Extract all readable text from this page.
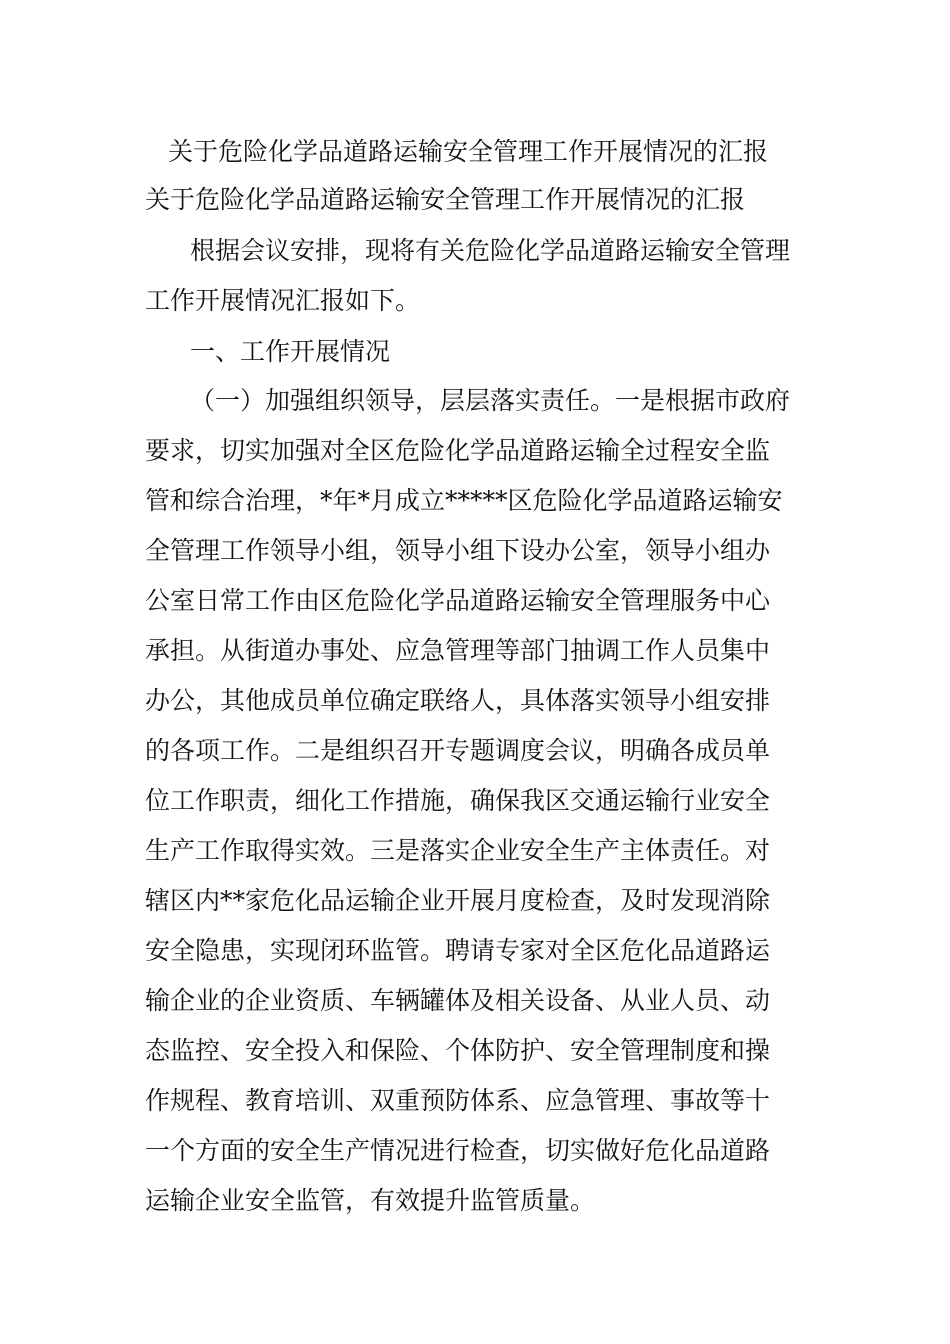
关于危险化学品道路运输安全管理工作开展情况的汇报
关于危险化学品道路运输安全管理工作开展情况的汇报
根据会议安排，现将有关危险化学品道路运输安全管理
工作开展情况汇报如下。
一、工作开展情况
（一）加强组织领导，层层落实责任。一是根据市政府
要求，切实加强对全区危险化学品道路运输全过程安全监
管和综合治理，*年*月成立*****区危险化学品道路运输安
全管理工作领导小组，领导小组下设办公室，领导小组办
公室日常工作由区危险化学品道路运输安全管理服务中心
承担。从街道办事处、应急管理等部门抽调工作人员集中
办公，其他成员单位确定联络人，具体落实领导小组安排
的各项工作。二是组织召开专题调度会议，明确各成员单
位工作职责，细化工作措施，确保我区交通运输行业安全
生产工作取得实效。三是落实企业安全生产主体责任。对
辖区内**家危化品运输企业开展月度检查，及时发现消除
安全隐患，实现闭环监管。聘请专家对全区危化品道路运
输企业的企业资质、车辆罐体及相关设备、从业人员、动
态监控、安全投入和保险、个体防护、安全管理制度和操
作规程、教育培训、双重预防体系、应急管理、事故等十
一个方面的安全生产情况进行检查，切实做好危化品道路
运输企业安全监管，有效提升监管质量。
